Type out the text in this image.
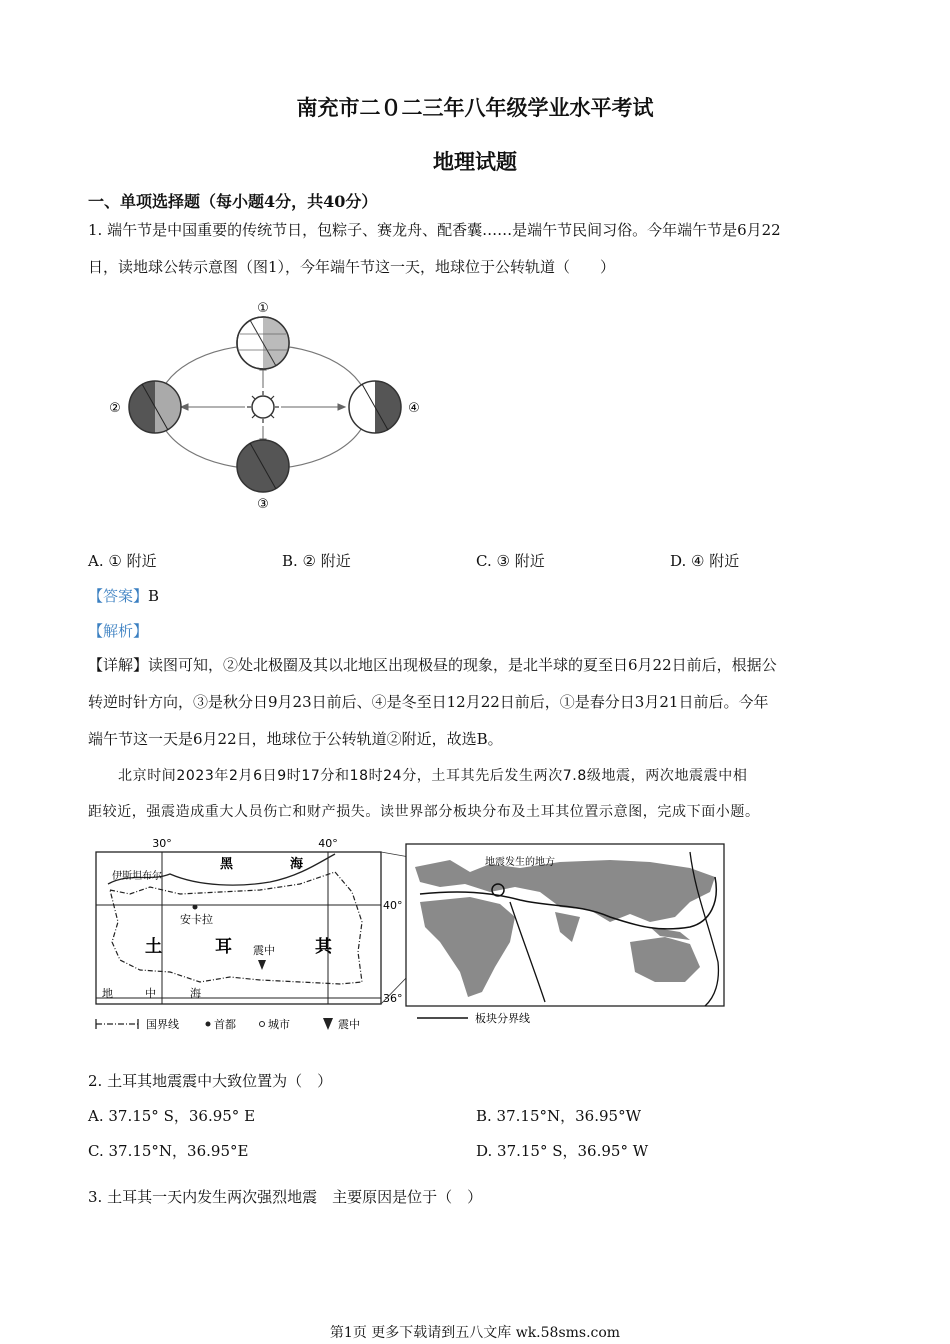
南充市二０二三年八年级学业水平考试
地理试题
一、单项选择题（每小题4分，共40分）
1. 端午节是中国重要的传统节日，包粽子、赛龙舟、配香囊……是端午节民间习俗。今年端午节是6月22
日，读地球公转示意图（图1），今年端午节这一天，地球位于公转轨道（　　）
①
②
③
④
A. ① 附近	B. ② 附近	C. ③ 附近	D. ④ 附近
【答案】B
【解析】
【详解】读图可知，②处北极圈及其以北地区出现极昼的现象，是北半球的夏至日6月22日前后，根据公
转逆时针方向，③是秋分日9月23日前后、④是冬至日12月22日前后，①是春分日3月21日前后。今年
端午节这一天是6月22日，地球位于公转轨道②附近，故选B。
北京时间2023年2月6日9时17分和18时24分，土耳其先后发生两次7.8级地震，两次地震震中相
距较近，强震造成重大人员伤亡和财产损失。读世界部分板块分布及土耳其位置示意图，完成下面小题。
30°	40°
40°
36°
黑	海
伊斯坦布尔
安卡拉
土	耳	其
震中
地	中	海
国界线	首都	城市	震中
地震发生的地方
板块分界线
2. 土耳其地震震中大致位置为（　）
A. 37.15° S，36.95° E	B. 37.15°N，36.95°W
C. 37.15°N，36.95°E	D. 37.15° S，36.95° W
3. 土耳其一天内发生两次强烈地震　主要原因是位于（　）
第1页 更多下载请到五八文库 wk.58sms.com
